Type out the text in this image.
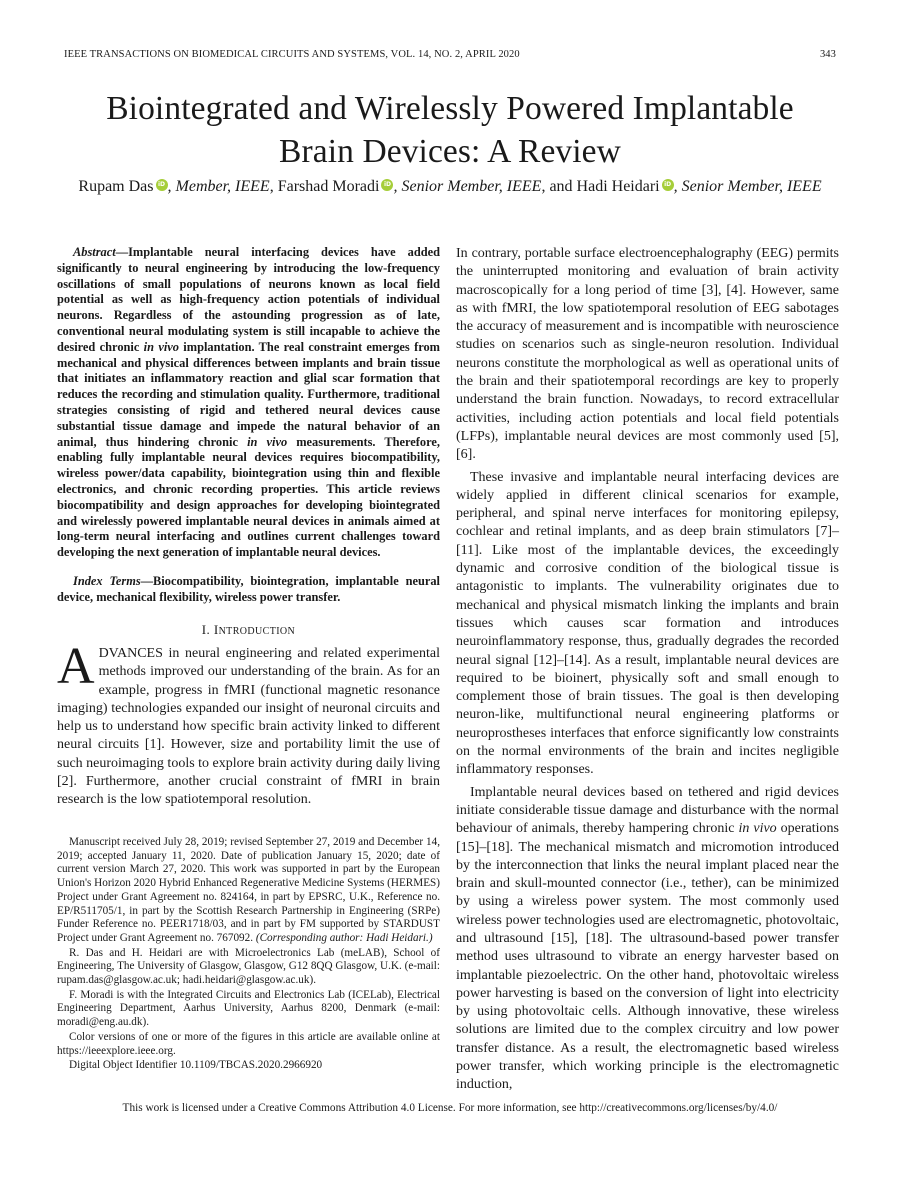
IEEE TRANSACTIONS ON BIOMEDICAL CIRCUITS AND SYSTEMS, VOL. 14, NO. 2, APRIL 2020	343
Biointegrated and Wirelessly Powered Implantable
Brain Devices: A Review
Rupam Das iD , Member, IEEE, Farshad Moradi iD , Senior Member, IEEE, and Hadi Heidari iD , Senior Member, IEEE
Abstract—Implantable neural interfacing devices have added significantly to neural engineering by introducing the low-frequency oscillations of small populations of neurons known as local field potential as well as high-frequency action potentials of individual neurons. Regardless of the astounding progression as of late, conventional neural modulating system is still incapable to achieve the desired chronic in vivo implantation. The real constraint emerges from mechanical and physical differences between implants and brain tissue that initiates an inflammatory reaction and glial scar formation that reduces the recording and stimulation quality. Furthermore, traditional strategies consisting of rigid and tethered neural devices cause substantial tissue damage and impede the natural behavior of an animal, thus hindering chronic in vivo measurements. Therefore, enabling fully implantable neural devices requires biocompatibility, wireless power/data capability, biointegration using thin and flexible electronics, and chronic recording properties. This article reviews biocompatibility and design approaches for developing biointegrated and wirelessly powered implantable neural devices in animals aimed at long-term neural interfacing and outlines current challenges toward developing the next generation of implantable neural devices.
Index Terms—Biocompatibility, biointegration, implantable neural device, mechanical flexibility, wireless power transfer.
I. INTRODUCTION
ADVANCES in neural engineering and related experimental methods improved our understanding of the brain. As for an example, progress in fMRI (functional magnetic resonance imaging) technologies expanded our insight of neuronal circuits and help us to understand how specific brain activity linked to different neural circuits [1]. However, size and portability limit the use of such neuroimaging tools to explore brain activity during daily living [2]. Furthermore, another crucial constraint of fMRI in brain research is the low spatiotemporal resolution.

Manuscript received July 28, 2019; revised September 27, 2019 and December 14, 2019; accepted January 11, 2020. Date of publication January 15, 2020; date of current version March 27, 2020. This work was supported in part by the European Union's Horizon 2020 Hybrid Enhanced Regenerative Medicine Systems (HERMES) Project under Grant Agreement no. 824164, in part by EPSRC, U.K., Reference no. EP/R511705/1, in part by the Scottish Research Partnership in Engineering (SRPe) Funder Reference no. PEER1718/03, and in part by FM supported by STARDUST Project under Grant Agreement no. 767092. (Corresponding author: Hadi Heidari.)

R. Das and H. Heidari are with Microelectronics Lab (meLAB), School of Engineering, The University of Glasgow, Glasgow, G12 8QQ Glasgow, U.K. (e-mail: rupam.das@glasgow.ac.uk; hadi.heidari@glasgow.ac.uk).

F. Moradi is with the Integrated Circuits and Electronics Lab (ICELab), Electrical Engineering Department, Aarhus University, Aarhus 8200, Denmark (e-mail: moradi@eng.au.dk).

Color versions of one or more of the figures in this article are available online at https://ieeexplore.ieee.org.

Digital Object Identifier 10.1109/TBCAS.2020.2966920

In contrary, portable surface electroencephalography (EEG) permits the uninterrupted monitoring and evaluation of brain activity macroscopically for a long period of time [3], [4]. However, same as with fMRI, the low spatiotemporal resolution of EEG sabotages the accuracy of measurement and is incompatible with neuroscience studies on scenarios such as single-neuron resolution. Individual neurons constitute the morphological as well as operational units of the brain and their spatiotemporal recordings are key to properly understand the brain function. Nowadays, to record extracellular activities, including action potentials and local field potentials (LFPs), implantable neural devices are most commonly used [5], [6].

These invasive and implantable neural interfacing devices are widely applied in different clinical scenarios for example, peripheral, and spinal nerve interfaces for monitoring epilepsy, cochlear and retinal implants, and as deep brain stimulators [7]–[11]. Like most of the implantable devices, the exceedingly dynamic and corrosive condition of the biological tissue is antagonistic to implants. The vulnerability originates due to mechanical and physical mismatch linking the implants and brain tissues which causes scar formation and introduces neuroinflammatory response, thus, gradually degrades the recorded neural signal [12]–[14]. As a result, implantable neural devices are required to be bioinert, physically soft and small enough to complement those of brain tissues. The goal is then developing neuron-like, multifunctional neural engineering platforms or neuroprostheses interfaces that enforce significantly low constraints on the normal environments of the brain and incites negligible inflammatory responses.

Implantable neural devices based on tethered and rigid devices initiate considerable tissue damage and disturbance with the normal behaviour of animals, thereby hampering chronic in vivo operations [15]–[18]. The mechanical mismatch and micromotion introduced by the interconnection that links the neural implant placed near the brain and skull-mounted connector (i.e., tether), can be minimized by using a wireless power system. The most commonly used wireless power technologies used are electromagnetic, photovoltaic, and ultrasound [15], [18]. The ultrasound-based power transfer method uses ultrasound to vibrate an energy harvester based on implantable piezoelectric. On the other hand, photovoltaic wireless power harvesting is based on the conversion of light into electricity by using photovoltaic cells. Although innovative, these wireless solutions are limited due to the complex circuitry and low power transfer distance. As a result, the electromagnetic based wireless power transfer, which working principle is the electromagnetic induction,

This work is licensed under a Creative Commons Attribution 4.0 License. For more information, see http://creativecommons.org/licenses/by/4.0/
